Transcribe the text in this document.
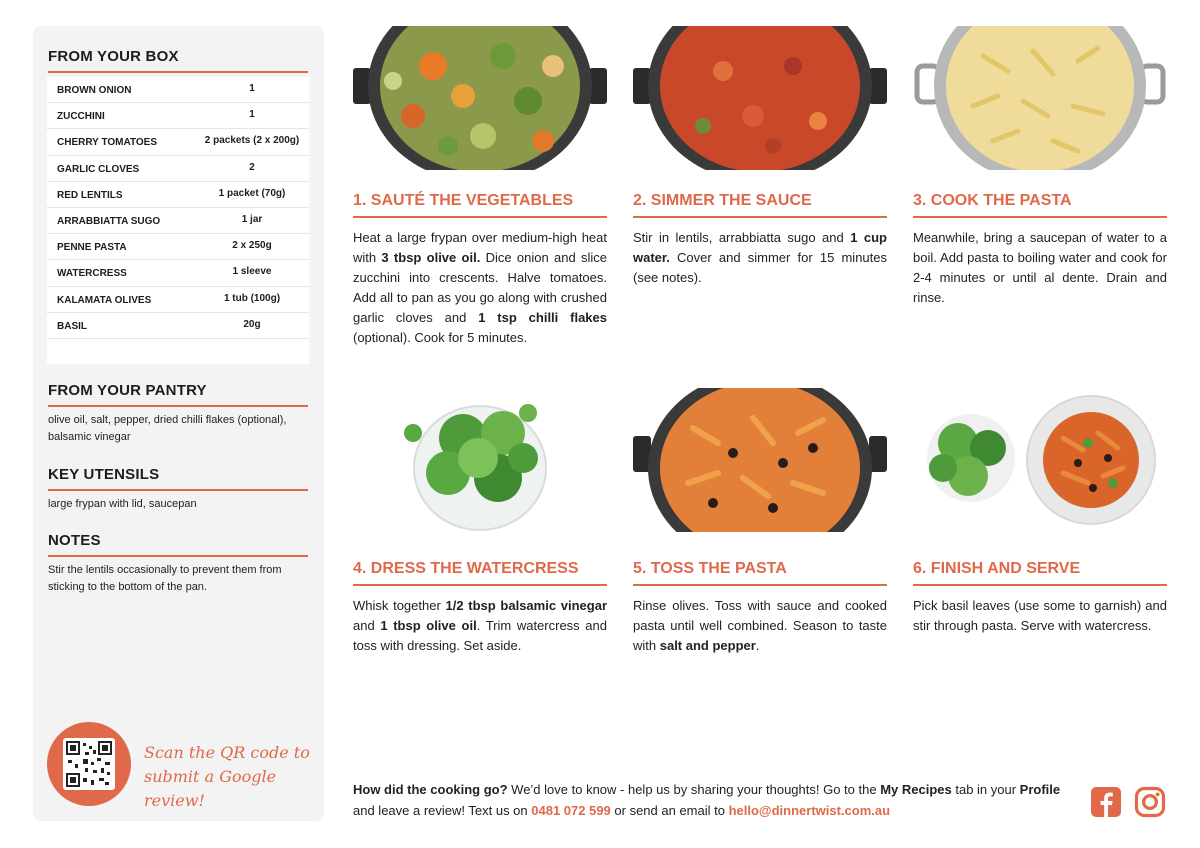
FROM YOUR BOX
BROWN ONION	1
ZUCCHINI	1
CHERRY TOMATOES	2 packets (2 x 200g)
GARLIC CLOVES	2
RED LENTILS	1 packet (70g)
ARRABBIATTA SUGO	1 jar
PENNE PASTA	2 x 250g
WATERCRESS	1 sleeve
KALAMATA OLIVES	1 tub (100g)
BASIL	20g
FROM YOUR PANTRY
olive oil, salt, pepper, dried chilli flakes (optional), balsamic vinegar
KEY UTENSILS
large frypan with lid, saucepan
NOTES
Stir the lentils occasionally to prevent them from sticking to the bottom of the pan.
Scan the QR code to submit a Google review!
1. SAUTÉ THE VEGETABLES
Heat a large frypan over medium-high heat with 3 tbsp olive oil. Dice onion and slice zucchini into crescents. Halve tomatoes. Add all to pan as you go along with crushed garlic cloves and 1 tsp chilli flakes (optional). Cook for 5 minutes.
2. SIMMER THE SAUCE
Stir in lentils, arrabbiatta sugo and 1 cup water. Cover and simmer for 15 minutes (see notes).
3. COOK THE PASTA
Meanwhile, bring a saucepan of water to a boil. Add pasta to boiling water and cook for 2-4 minutes or until al dente. Drain and rinse.
4. DRESS THE WATERCRESS
Whisk together 1/2 tbsp balsamic vinegar and 1 tbsp olive oil. Trim watercress and toss with dressing. Set aside.
5. TOSS THE PASTA
Rinse olives. Toss with sauce and cooked pasta until well combined. Season to taste with salt and pepper.
6. FINISH AND SERVE
Pick basil leaves (use some to garnish) and stir through pasta. Serve with watercress.
How did the cooking go? We’d love to know - help us by sharing your thoughts! Go to the My Recipes tab in your Profile and leave a review! Text us on 0481 072 599 or send an email to hello@dinnertwist.com.au
